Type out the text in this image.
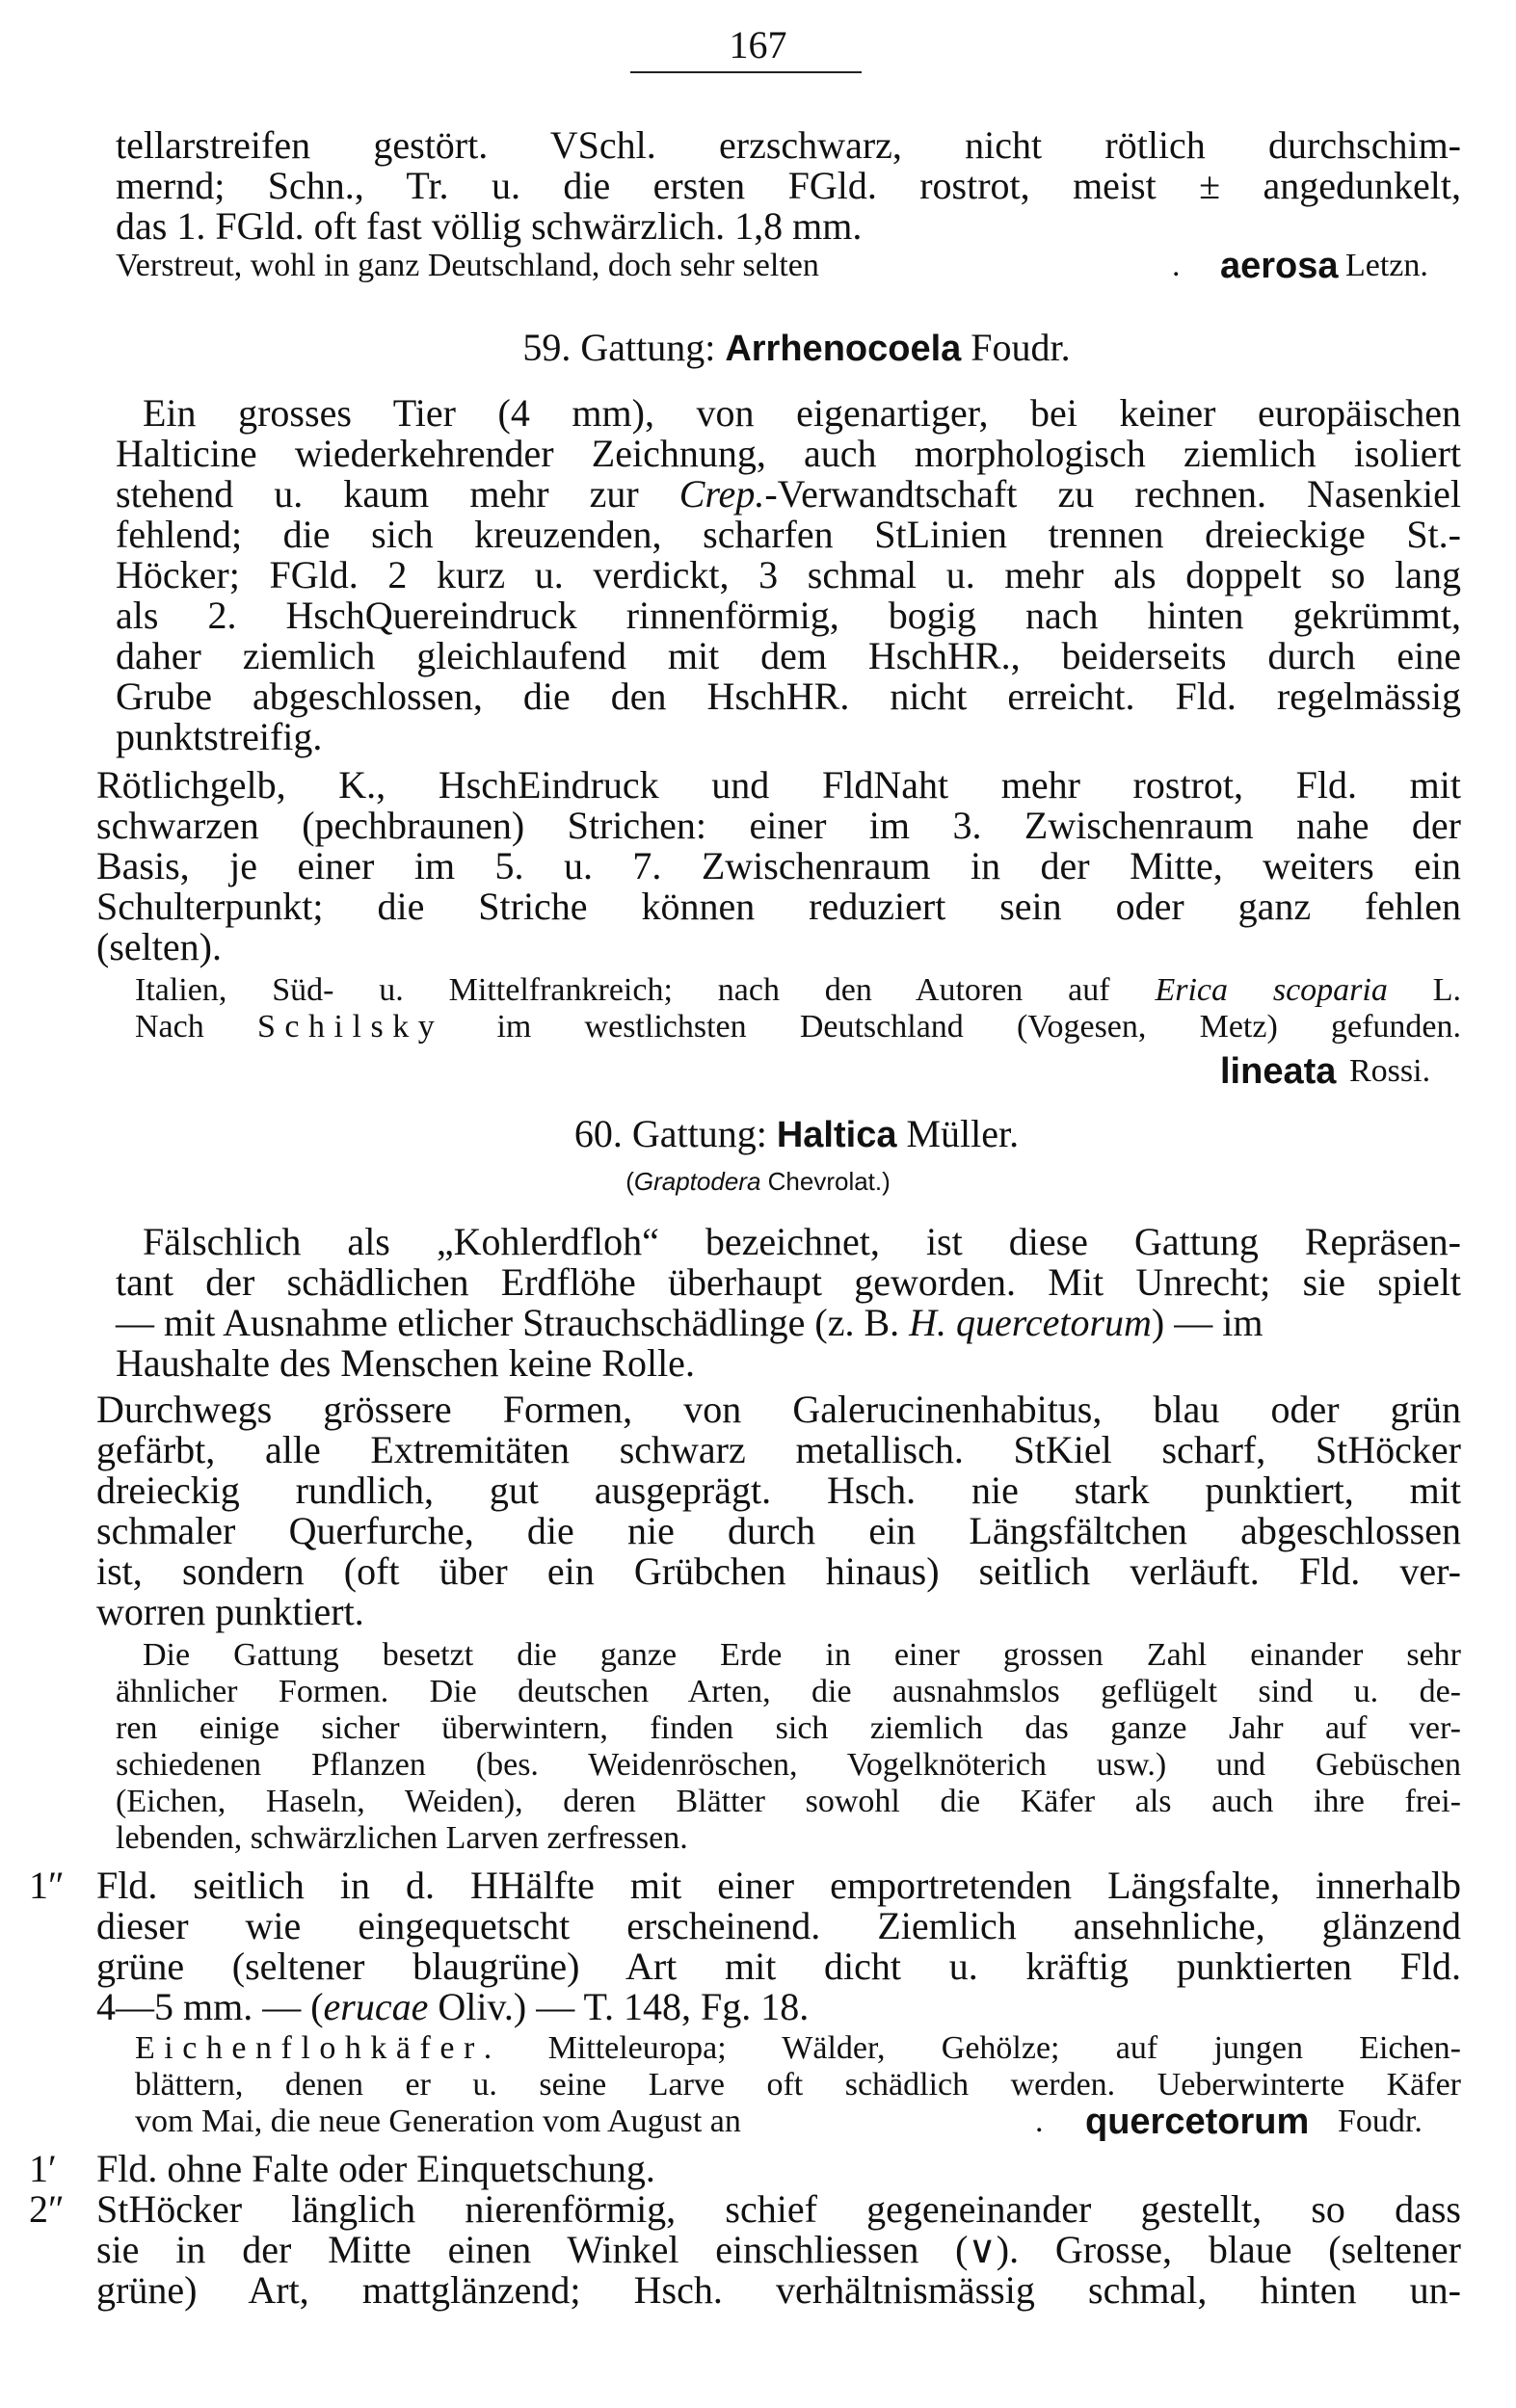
167
(Graptodera Chevrolat.)
tellarstreifen gestört. VSchl. erzschwarz, nicht rötlich durchschim-
mernd; Schn., Tr. u. die ersten FGld. rostrot, meist ± angedunkelt,
das 1. FGld. oft fast völlig schwärzlich. 1,8 mm.
Verstreut, wohl in ganz Deutschland, doch sehr selten	. aerosa Letzn.
59. Gattung: Arrhenocoela Foudr.
Ein grosses Tier (4 mm), von eigenartiger, bei keiner europäischen
Halticine wiederkehrender Zeichnung, auch morphologisch ziemlich isoliert
stehend u. kaum mehr zur Crep.-Verwandtschaft zu rechnen. Nasenkiel
fehlend; die sich kreuzenden, scharfen StLinien trennen dreieckige St.-
Höcker; FGld. 2 kurz u. verdickt, 3 schmal u. mehr als doppelt so lang
als 2. HschQuereindruck rinnenförmig, bogig nach hinten gekrümmt,
daher ziemlich gleichlaufend mit dem HschHR., beiderseits durch eine
Grube abgeschlossen, die den HschHR. nicht erreicht. Fld. regelmässig
punktstreifig.
Rötlichgelb, K., HschEindruck und FldNaht mehr rostrot, Fld. mit
schwarzen (pechbraunen) Strichen: einer im 3. Zwischenraum nahe der
Basis, je einer im 5. u. 7. Zwischenraum in der Mitte, weiters ein
Schulterpunkt; die Striche können reduziert sein oder ganz fehlen
(selten).
Italien, Süd- u. Mittelfrankreich; nach den Autoren auf Erica scoparia L.
Nach Schilsky im westlichsten Deutschland (Vogesen, Metz) gefunden.
lineata Rossi.
60. Gattung: Haltica Müller.
Fälschlich als „Kohlerdfloh“ bezeichnet, ist diese Gattung Repräsen-
tant der schädlichen Erdflöhe überhaupt geworden. Mit Unrecht; sie spielt
— mit Ausnahme etlicher Strauchschädlinge (z. B. H. quercetorum) — im
Haushalte des Menschen keine Rolle.
Durchwegs grössere Formen, von Galerucinenhabitus, blau oder grün
gefärbt, alle Extremitäten schwarz metallisch. StKiel scharf, StHöcker
dreieckig rundlich, gut ausgeprägt. Hsch. nie stark punktiert, mit
schmaler Querfurche, die nie durch ein Längsfältchen abgeschlossen
ist, sondern (oft über ein Grübchen hinaus) seitlich verläuft. Fld. ver-
worren punktiert.
Die Gattung besetzt die ganze Erde in einer grossen Zahl einander sehr
ähnlicher Formen. Die deutschen Arten, die ausnahmslos geflügelt sind u. de-
ren einige sicher überwintern, finden sich ziemlich das ganze Jahr auf ver-
schiedenen Pflanzen (bes. Weidenröschen, Vogelknöterich usw.) und Gebüschen
(Eichen, Haseln, Weiden), deren Blätter sowohl die Käfer als auch ihre frei-
lebenden, schwärzlichen Larven zerfressen.
1″ Fld. seitlich in d. HHälfte mit einer emportretenden Längsfalte, innerhalb
dieser wie eingequetscht erscheinend. Ziemlich ansehnliche, glänzend
grüne (seltener blaugrüne) Art mit dicht u. kräftig punktierten Fld.
4—5 mm. — (erucae Oliv.) — T. 148, Fg. 18.
Eichenflohkäfer. Mitteleuropa; Wälder, Gehölze; auf jungen Eichen-
blättern, denen er u. seine Larve oft schädlich werden. Ueberwinterte Käfer
vom Mai, die neue Generation vom August an	. quercetorum Foudr.
1′ Fld. ohne Falte oder Einquetschung.
2″ StHöcker länglich nierenförmig, schief gegeneinander gestellt, so dass
sie in der Mitte einen Winkel einschliessen (∨). Grosse, blaue (seltener
grüne) Art, mattglänzend; Hsch. verhältnismässig schmal, hinten un-
